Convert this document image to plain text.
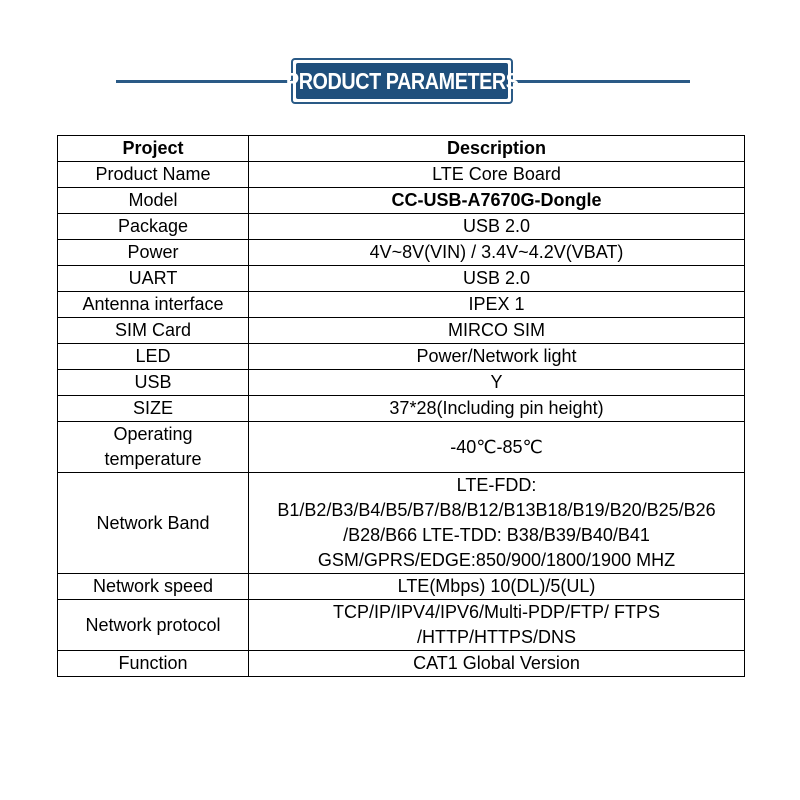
PRODUCT PARAMETERS
Project	Description

Product Name	LTE Core Board

Model	CC-USB-A7670G-Dongle

Package	USB 2.0

Power	4V~8V(VIN) / 3.4V~4.2V(VBAT)

UART	USB 2.0

Antenna interface	IPEX 1

SIM Card	MIRCO SIM

LED	Power/Network light

USB	Y

SIZE	37*28(Including pin height)

Operating
temperature	-40℃-85℃

Network Band	LTE-FDD:
B1/B2/B3/B4/B5/B7/B8/B12/B13B18/B19/B20/B25/B26
/B28/B66 LTE-TDD: B38/B39/B40/B41
GSM/GPRS/EDGE:850/900/1800/1900 MHZ

Network speed	LTE(Mbps) 10(DL)/5(UL)

Network protocol	TCP/IP/IPV4/IPV6/Multi-PDP/FTP/ FTPS
/HTTP/HTTPS/DNS

Function	CAT1 Global Version
